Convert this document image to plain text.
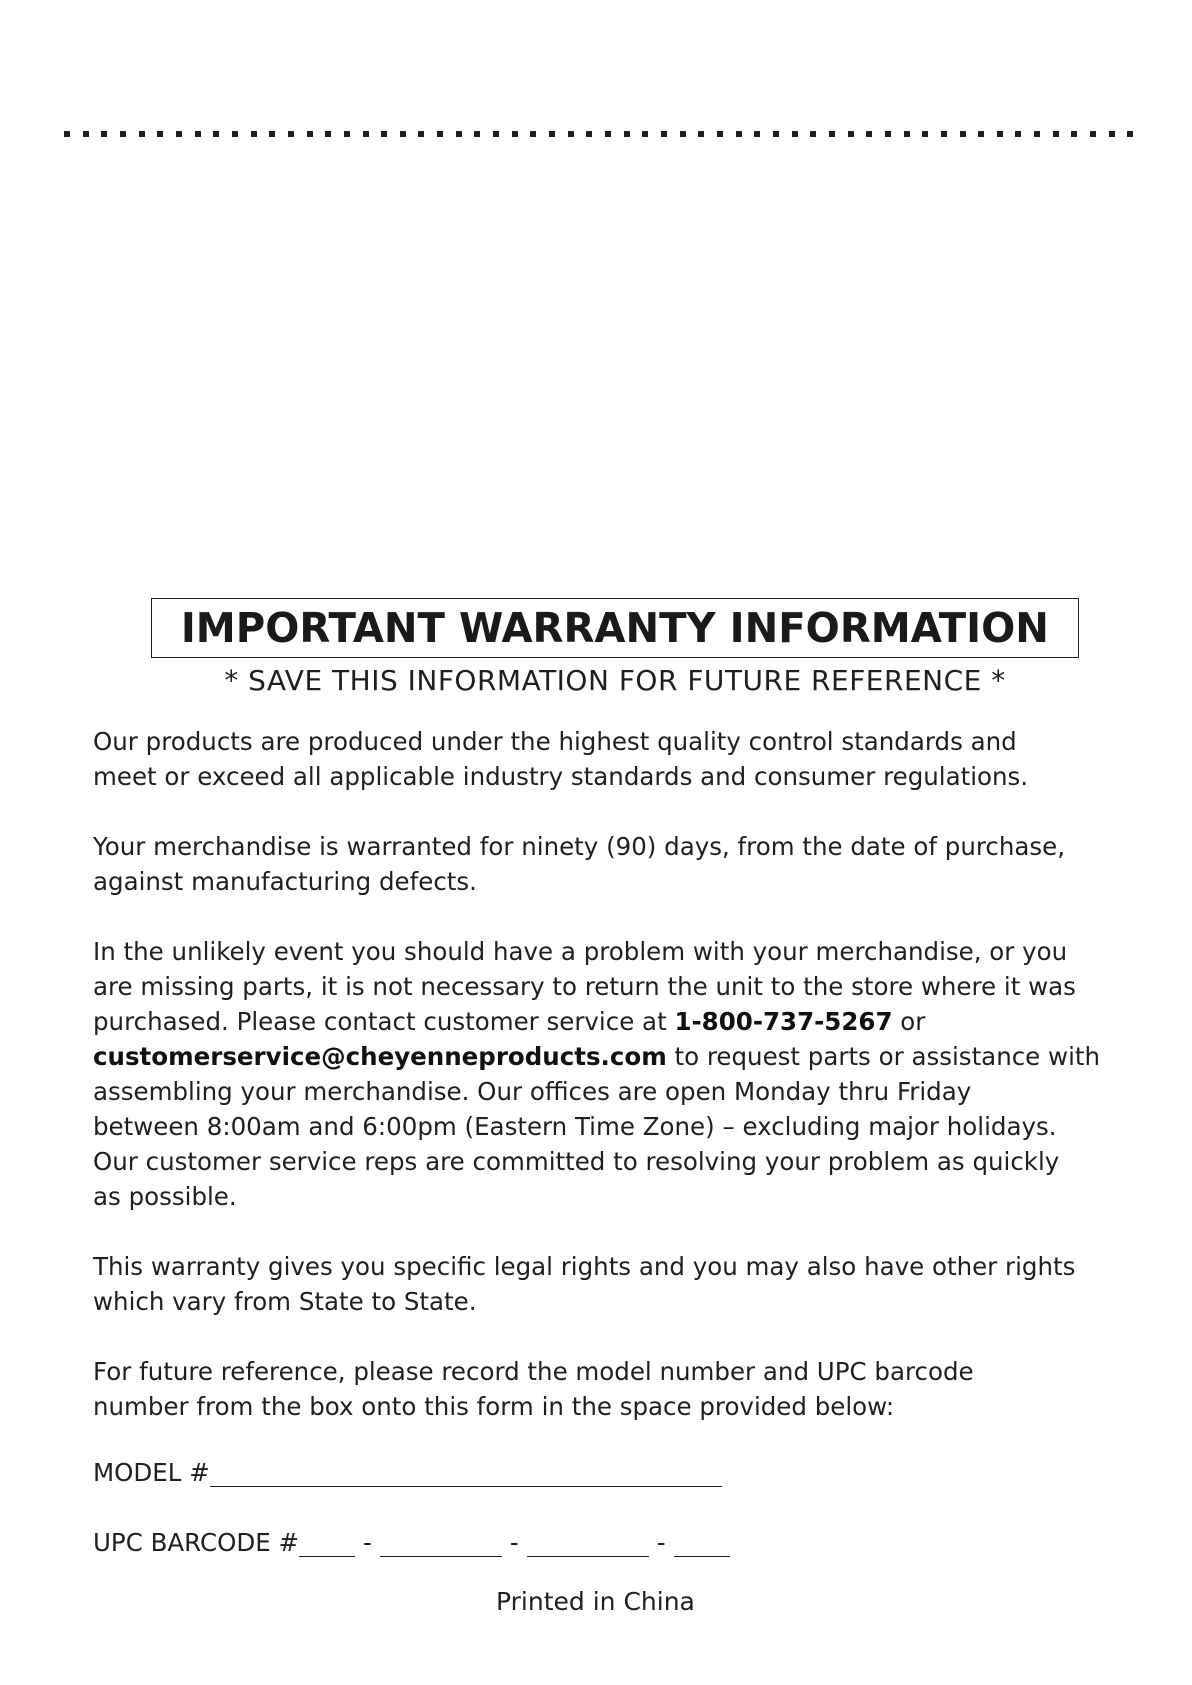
IMPORTANT WARRANTY INFORMATION
* SAVE THIS INFORMATION FOR FUTURE REFERENCE *
Our products are produced under the highest quality control standards and
meet or exceed all applicable industry standards and consumer regulations.
Your merchandise is warranted for ninety (90) days, from the date of purchase,
against manufacturing defects.
In the unlikely event you should have a problem with your merchandise, or you
are missing parts, it is not necessary to return the unit to the store where it was
purchased. Please contact customer service at 1-800-737-5267 or
customerservice@cheyenneproducts.com to request parts or assistance with
assembling your merchandise. Our offices are open Monday thru Friday
between 8:00am and 6:00pm (Eastern Time Zone) – excluding major holidays.
Our customer service reps are committed to resolving your problem as quickly
as possible.
This warranty gives you specific legal rights and you may also have other rights
which vary from State to State.
For future reference, please record the model number and UPC barcode
number from the box onto this form in the space provided below:
MODEL #
UPC BARCODE #	-	-	-
Printed in China
